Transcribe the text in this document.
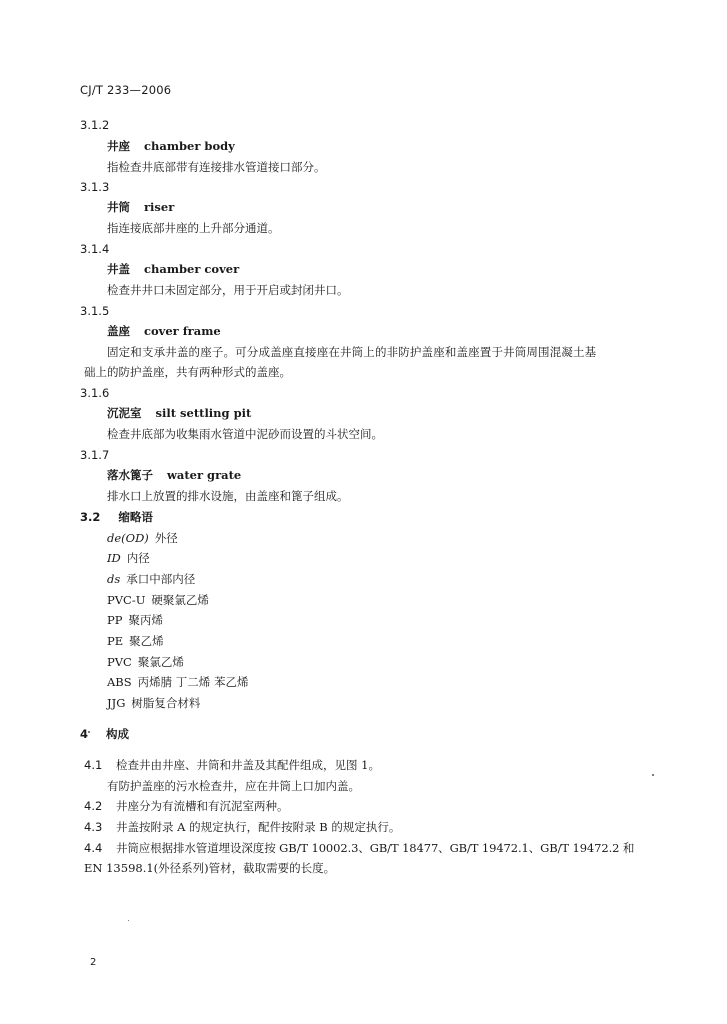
CJ/T 233—2006
3.1.2
井座 chamber body
指检查井底部带有连接排水管道接口部分。
3.1.3
井筒 riser
指连接底部井座的上升部分通道。
3.1.4
井盖 chamber cover
检查井井口未固定部分，用于开启或封闭井口。
3.1.5
盖座 cover frame
固定和支承井盖的座子。可分成盖座直接座在井筒上的非防护盖座和盖座置于井筒周围混凝土基
础上的防护盖座，共有两种形式的盖座。
3.1.6
沉泥室 silt settling pit
检查井底部为收集雨水管道中泥砂而设置的斗状空间。
3.1.7
落水篦子 water grate
排水口上放置的排水设施，由盖座和篦子组成。
3.2 缩略语
de(OD) 外径
ID 内径
ds 承口中部内径
PVC-U 硬聚氯乙烯
PP 聚丙烯
PE 聚乙烯
PVC 聚氯乙烯
ABS 丙烯腈 丁二烯 苯乙烯
JJG 树脂复合材料
4 构成
4.1 检查井由井座、井筒和井盖及其配件组成，见图 1。
有防护盖座的污水检查井，应在井筒上口加内盖。
4.2 井座分为有流槽和有沉泥室两种。
4.3 井盖按附录 A 的规定执行，配件按附录 B 的规定执行。
4.4 井筒应根据排水管道埋设深度按 GB/T 10002.3、GB/T 18477、GB/T 19472.1、GB/T 19472.2 和
EN 13598.1(外径系列)管材，截取需要的长度。
2
